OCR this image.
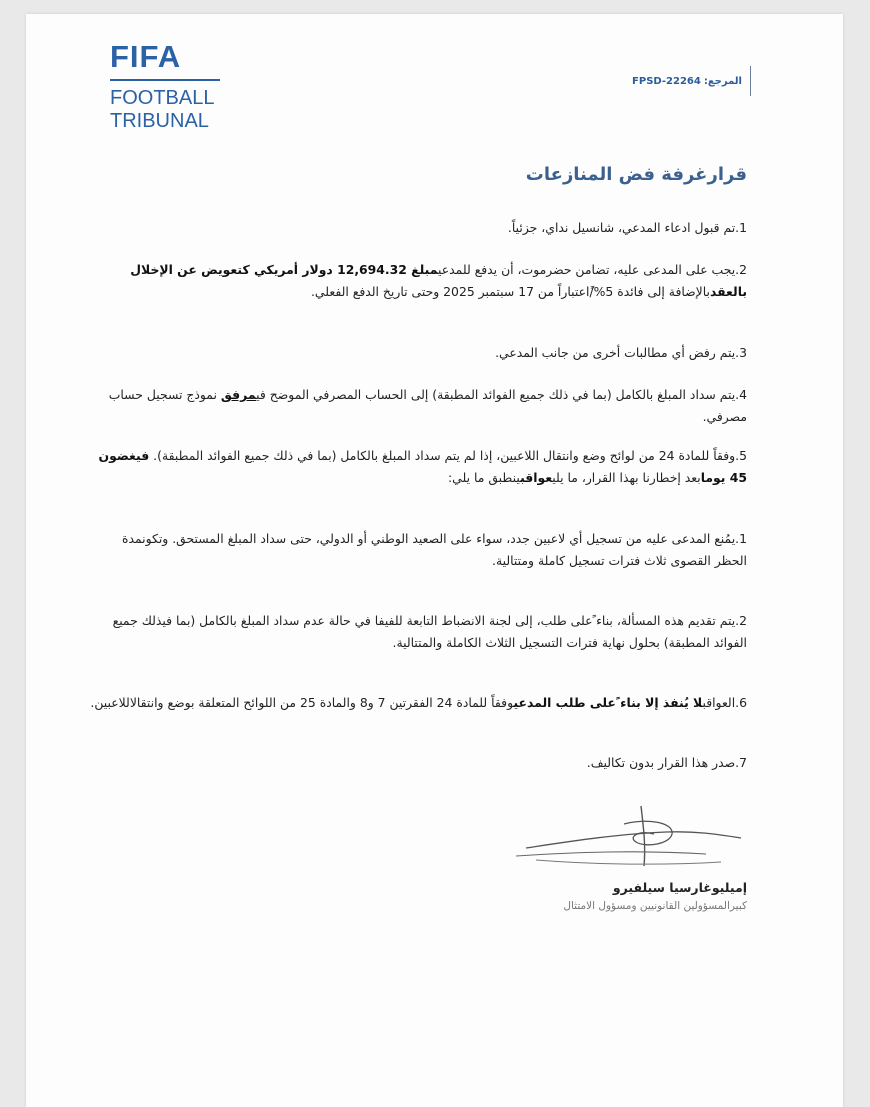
FIFA
FOOTBALL
TRIBUNAL
المرجع:
FPSD-22264
قرارغرفة فض المنازعات
1.تم قبول ادعاء المدعي، شانسيل نداي، جزئياً.
2.يجب على المدعى عليه، تضامن حضرموت، أن يدفع للمدعيمبلغ 12,694.32 دولار أمريكي كتعويض عن الإخلال بالعقدبالإضافة إلى فائدة 5%/ًاعتباراً من 17 سبتمبر 2025 وحتى تاريخ الدفع الفعلي.
3.يتم رفض أي مطالبات أخرى من جانب المدعي.
4.يتم سداد المبلغ بالكامل (بما في ذلك جميع الفوائد المطبقة) إلى الحساب المصرفي الموضح فيمرفق نموذج تسجيل حساب مصرفي.
5.وفقاً للمادة 24 من لوائح وضع وانتقال اللاعبين، إذا لم يتم سداد المبلغ بالكامل (بما في ذلك جميع الفوائد المطبقة). فيغضون 45 يومابعد إخطارنا بهذا القرار، ما يليعواقبينطبق ما يلي:
1.يمُنع المدعى عليه من تسجيل أي لاعبين جدد، سواء على الصعيد الوطني أو الدولي، حتى سداد المبلغ المستحق. وتكونمدة الحظر القصوى ثلاث فترات تسجيل كاملة ومتتالية.
2.يتم تقديم هذه المسألة، بناء ًعلى طلب، إلى لجنة الانضباط التابعة للفيفا في حالة عدم سداد المبلغ بالكامل (بما فيذلك جميع الفوائد المطبقة) بحلول نهاية فترات التسجيل الثلاث الكاملة والمتتالية.
6.العواقبلا يُنفذ إلا بناء ًعلى طلب المدعيوفقاً للمادة 24 الفقرتين 7 و8 والمادة 25 من اللوائح المتعلقة بوضع وانتقالاللاعبين.
7.صدر هذا القرار بدون تكاليف.
إميليوغارسيا سيلفيرو
كبيرالمسؤولين القانونيين ومسؤول الامتثال
